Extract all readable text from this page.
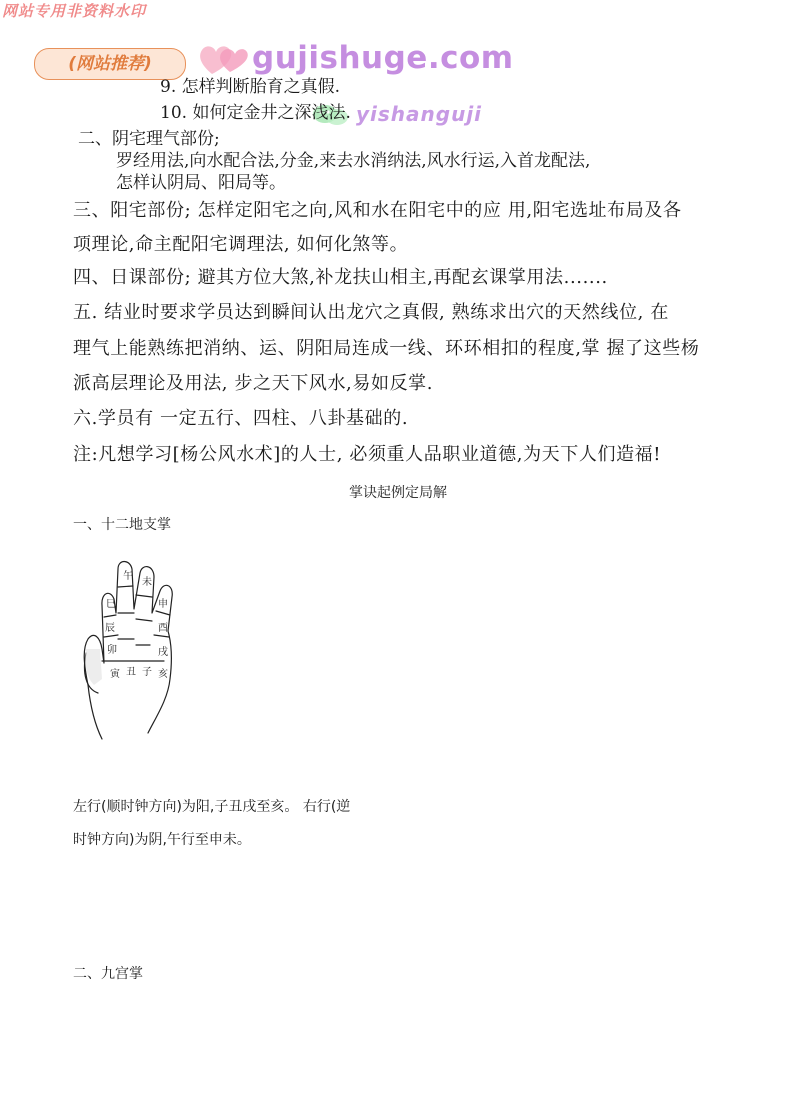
网站专用非资料水印
(网站推荐)	gujishuge.com
yishanguji
9. 怎样判断胎育之真假.
10. 如何定金井之深浅法.
二、阴宅理气部份;
罗经用法,向水配合法,分金,来去水消纳法,风水行运,入首龙配法,
怎样认阴局、阳局等。
三、阳宅部份; 怎样定阳宅之向,风和水在阳宅中的应 用,阳宅选址布局及各
项理论,命主配阳宅调理法, 如何化煞等。
四、日课部份; 避其方位大煞,补龙扶山相主,再配玄课掌用法.......
五. 结业时要求学员达到瞬间认出龙穴之真假, 熟练求出穴的天然线位, 在
理气上能熟练把消纳、运、阴阳局连成一线、环环相扣的程度,掌 握了这些杨
派高层理论及用法, 步之天下风水,易如反掌.
六.学员有 一定五行、四柱、八卦基础的.
注:凡想学习[杨公风水术]的人士, 必须重人品职业道德,为天下人们造福!
掌诀起例定局解
一、十二地支掌
午
未
巳	申
辰	酉
卯	戌
寅 丑 子 亥
左行(顺时钟方向)为阳,子丑戌至亥。 右行(逆
时钟方向)为阴,午行至申未。
二、九宫掌
